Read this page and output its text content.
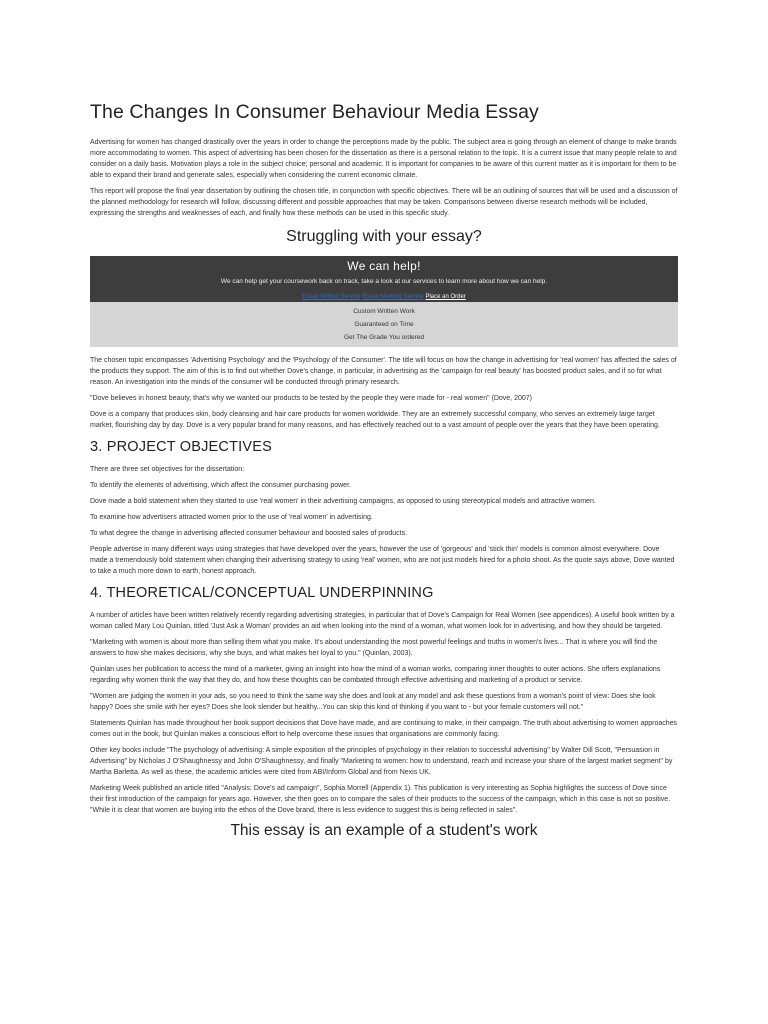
The Changes In Consumer Behaviour Media Essay

Advertising for women has changed drastically over the years in order to change the perceptions made by the public. The subject area is going through an element of change to make brands more accommodating to women. This aspect of advertising has been chosen for the dissertation as there is a personal relation to the topic. It is a current issue that many people relate to and consider on a daily basis. Motivation plays a role in the subject choice; personal and academic. It is important for companies to be aware of this current matter as it is important for them to be able to expand their brand and generate sales, especially when considering the current economic climate.

This report will propose the final year dissertation by outlining the chosen title, in conjunction with specific objectives. There will be an outlining of sources that will be used and a discussion of the planned methodology for research will follow, discussing different and possible approaches that may be taken. Comparisons between diverse research methods will be included, expressing the strengths and weaknesses of each, and finally how these methods can be used in this specific study.

Struggling with your essay?
We can help!
We can help get your coursework back on track, take a look at our services to learn more about how we can help.
Essay Writing Service Essay Marking Service Place an Order
Custom Written Work
Guaranteed on Time
Get The Grade You ordered

The chosen topic encompasses 'Advertising Psychology' and the 'Psychology of the Consumer'. The title will focus on how the change in advertising for 'real women' has affected the sales of the products they support. The aim of this is to find out whether Dove's change, in particular, in advertising as the 'campaign for real beauty' has boosted product sales, and if so for what reason. An investigation into the minds of the consumer will be conducted through primary research.

"Dove believes in honest beauty, that's why we wanted our products to be tested by the people they were made for - real women" (Dove, 2007)

Dove is a company that produces skin, body cleansing and hair care products for women worldwide. They are an extremely successful company, who serves an extremely large target market, flourishing day by day. Dove is a very popular brand for many reasons, and has effectively reached out to a vast amount of people over the years that they have been operating.

3. PROJECT OBJECTIVES

There are three set objectives for the dissertation:

To identify the elements of advertising, which affect the consumer purchasing power.

Dove made a bold statement when they started to use 'real women' in their advertising campaigns, as opposed to using stereotypical models and attractive women.

To examine how advertisers attracted women prior to the use of 'real women' in advertising.

To what degree the change in advertising affected consumer behaviour and boosted sales of products.

People advertise in many different ways using strategies that have developed over the years, however the use of 'gorgeous' and 'stick thin' models is common almost everywhere. Dove made a tremendously bold statement when changing their advertising strategy to using 'real' women, who are not just models hired for a photo shoot. As the quote says above, Dove wanted to take a much more down to earth, honest approach.

4. THEORETICAL/CONCEPTUAL UNDERPINNING

A number of articles have been written relatively recently regarding advertising strategies, in particular that of Dove's Campaign for Real Women (see appendices). A useful book written by a woman called Mary Lou Quinlan, titled 'Just Ask a Woman' provides an aid when looking into the mind of a woman, what women look for in advertising, and how they should be targeted.

"Marketing with women is about more than selling them what you make. It's about understanding the most powerful feelings and truths in women's lives... That is where you will find the answers to how she makes decisions, why she buys, and what makes her loyal to you." (Quinlan, 2003).

Quinlan uses her publication to access the mind of a marketer, giving an insight into how the mind of a woman works, comparing inner thoughts to outer actions. She offers explanations regarding why women think the way that they do, and how these thoughts can be combated through effective advertising and marketing of a product or service.

"Women are judging the women in your ads, so you need to think the same way she does and look at any model and ask these questions from a woman's point of view: Does she look happy? Does she smile with her eyes? Does she look slender but healthy...You can skip this kind of thinking if you want to - but your female customers will not."

Statements Quinlan has made throughout her book support decisions that Dove have made, and are continuing to make, in their campaign. The truth about advertising to women approaches comes out in the book, but Quinlan makes a conscious effort to help overcome these issues that organisations are commonly facing.

Other key books include "The psychology of advertising: A simple exposition of the principles of psychology in their relation to successful advertising" by Walter Dill Scott, "Persuasion in Advertising" by Nicholas J O'Shaughnessy and John O'Shaughnessy, and finally "Marketing to women: how to understand, reach and increase your share of the largest market segment" by Martha Barletta. As well as these, the academic articles were cited from ABI/Inform Global and from Nexis UK.

Marketing Week published an article titled "Analysis: Dove's ad campaign", Sophia Morrell (Appendix 1). This publication is very interesting as Sophia highlights the success of Dove since their first introduction of the campaign for years ago. However, she then goes on to compare the sales of their products to the success of the campaign, which in this case is not so positive. "While it is clear that women are buying into the ethos of the Dove brand, there is less evidence to suggest this is being reflected in sales".

This essay is an example of a student's work
